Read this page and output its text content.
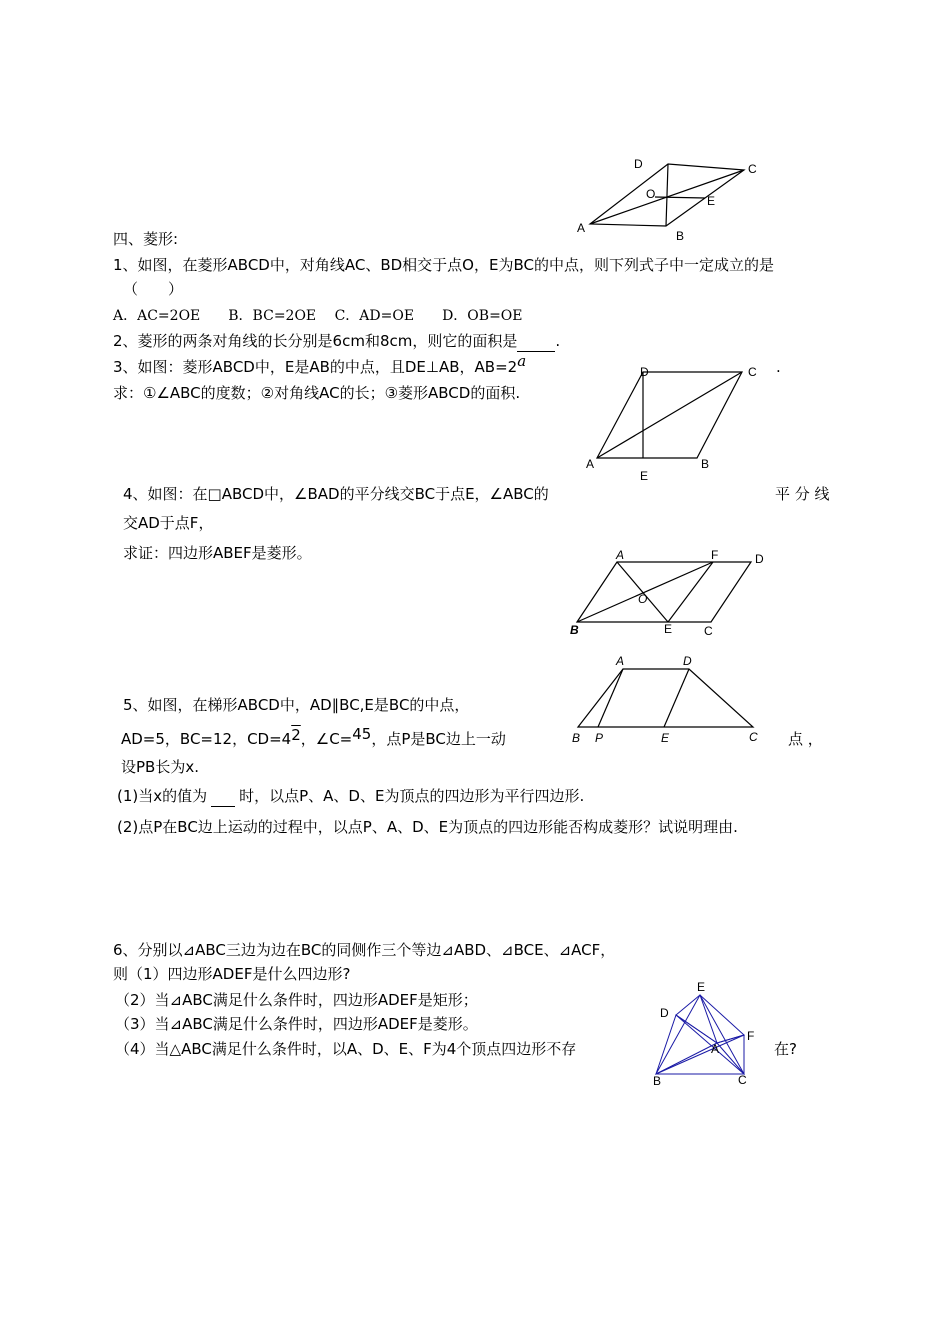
D	C
O	E
A
B
四、菱形:
1、如图，在菱形ABCD中，对角线AC、BD相交于点O，E为BC的中点，则下列式子中一定成立的是
（　　）
A．AC=2OE　　B．BC=2OE　 C．AD=OE　　D．OB=OE
2、菱形的两条对角线的长分别是6cm和8cm，则它的面积是	.
3、如图：菱形ABCD中，E是AB的中点，且DE⊥AB，AB=2a	.
求：①∠ABC的度数；②对角线AC的长；③菱形ABCD的面积.
D	C
A
E
B
4、如图：在□ABCD中，∠BAD的平分线交BC于点E，∠ABC的	平 分 线
交AD于点F，
求证：四边形ABEF是菱形。	A	F	D
O
B	E	C
A	D
B P	E	C
5、如图，在梯形ABCD中，AD∥BC,E是BC的中点，
AD=5，BC=12，CD=42，∠C=45，点P是BC边上一动	点 ，
设PB长为x.
(1)当x的值为 时，以点P、A、D、E为顶点的四边形为平行四边形.
(2)点P在BC边上运动的过程中，以点P、A、D、E为顶点的四边形能否构成菱形？试说明理由.
6、分别以⊿ABC三边为边在BC的同侧作三个等边⊿ABD、⊿BCE、⊿ACF，
则（1）四边形ADEF是什么四边形?
（2）当⊿ABC满足什么条件时，四边形ADEF是矩形；
（3）当⊿ABC满足什么条件时，四边形ADEF是菱形。
（4）当△ABC满足什么条件时，以A、D、E、F为4个顶点四边形不存	在?
E
D
F
A
B	C
